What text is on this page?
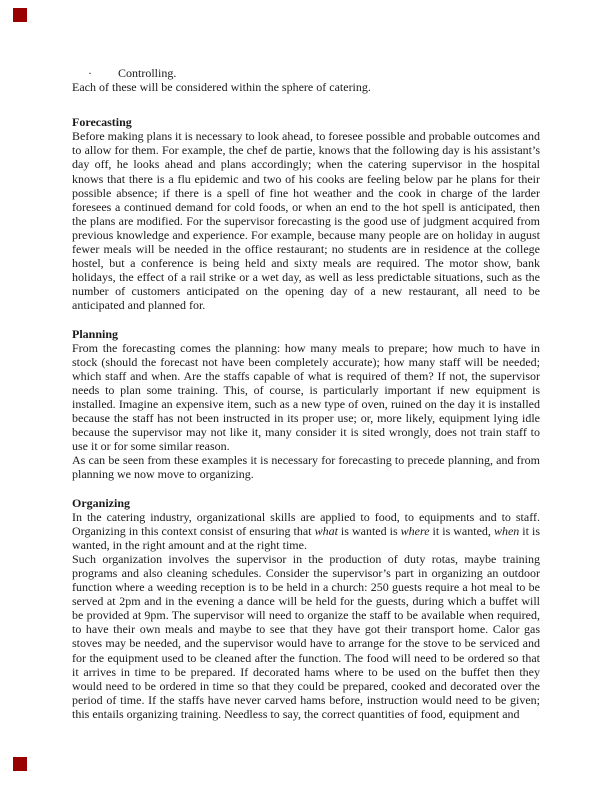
· Controlling.
Each of these will be considered within the sphere of catering.
Forecasting

Before making plans it is necessary to look ahead, to foresee possible and probable outcomes and to allow for them. For example, the chef de partie, knows that the following day is his assistant’s day off, he looks ahead and plans accordingly; when the catering supervisor in the hospital knows that there is a flu epidemic and two of his cooks are feeling below par he plans for their possible absence; if there is a spell of fine hot weather and the cook in charge of the larder foresees a continued demand for cold foods, or when an end to the hot spell is anticipated, then the plans are modified. For the supervisor forecasting is the good use of judgment acquired from previous knowledge and experience. For example, because many people are on holiday in august fewer meals will be needed in the office restaurant; no students are in residence at the college hostel, but a conference is being held and sixty meals are required. The motor show, bank holidays, the effect of a rail strike or a wet day, as well as less predictable situations, such as the number of customers anticipated on the opening day of a new restaurant, all need to be anticipated and planned for.

Planning

From the forecasting comes the planning: how many meals to prepare; how much to have in stock (should the forecast not have been completely accurate); how many staff will be needed; which staff and when. Are the staffs capable of what is required of them? If not, the supervisor needs to plan some training. This, of course, is particularly important if new equipment is installed. Imagine an expensive item, such as a new type of oven, ruined on the day it is installed because the staff has not been instructed in its proper use; or, more likely, equipment lying idle because the supervisor may not like it, many consider it is sited wrongly, does not train staff to use it or for some similar reason.

As can be seen from these examples it is necessary for forecasting to precede planning, and from planning we now move to organizing.

Organizing

In the catering industry, organizational skills are applied to food, to equipments and to staff. Organizing in this context consist of ensuring that what is wanted is where it is wanted, when it is wanted, in the right amount and at the right time.

Such organization involves the supervisor in the production of duty rotas, maybe training programs and also cleaning schedules. Consider the supervisor’s part in organizing an outdoor function where a weeding reception is to be held in a church: 250 guests require a hot meal to be served at 2pm and in the evening a dance will be held for the guests, during which a buffet will be provided at 9pm. The supervisor will need to organize the staff to be available when required, to have their own meals and maybe to see that they have got their transport home. Calor gas stoves may be needed, and the supervisor would have to arrange for the stove to be serviced and for the equipment used to be cleaned after the function. The food will need to be ordered so that it arrives in time to be prepared. If decorated hams where to be used on the buffet then they would need to be ordered in time so that they could be prepared, cooked and decorated over the period of time. If the staffs have never carved hams before, instruction would need to be given; this entails organizing training. Needless to say, the correct quantities of food, equipment and
